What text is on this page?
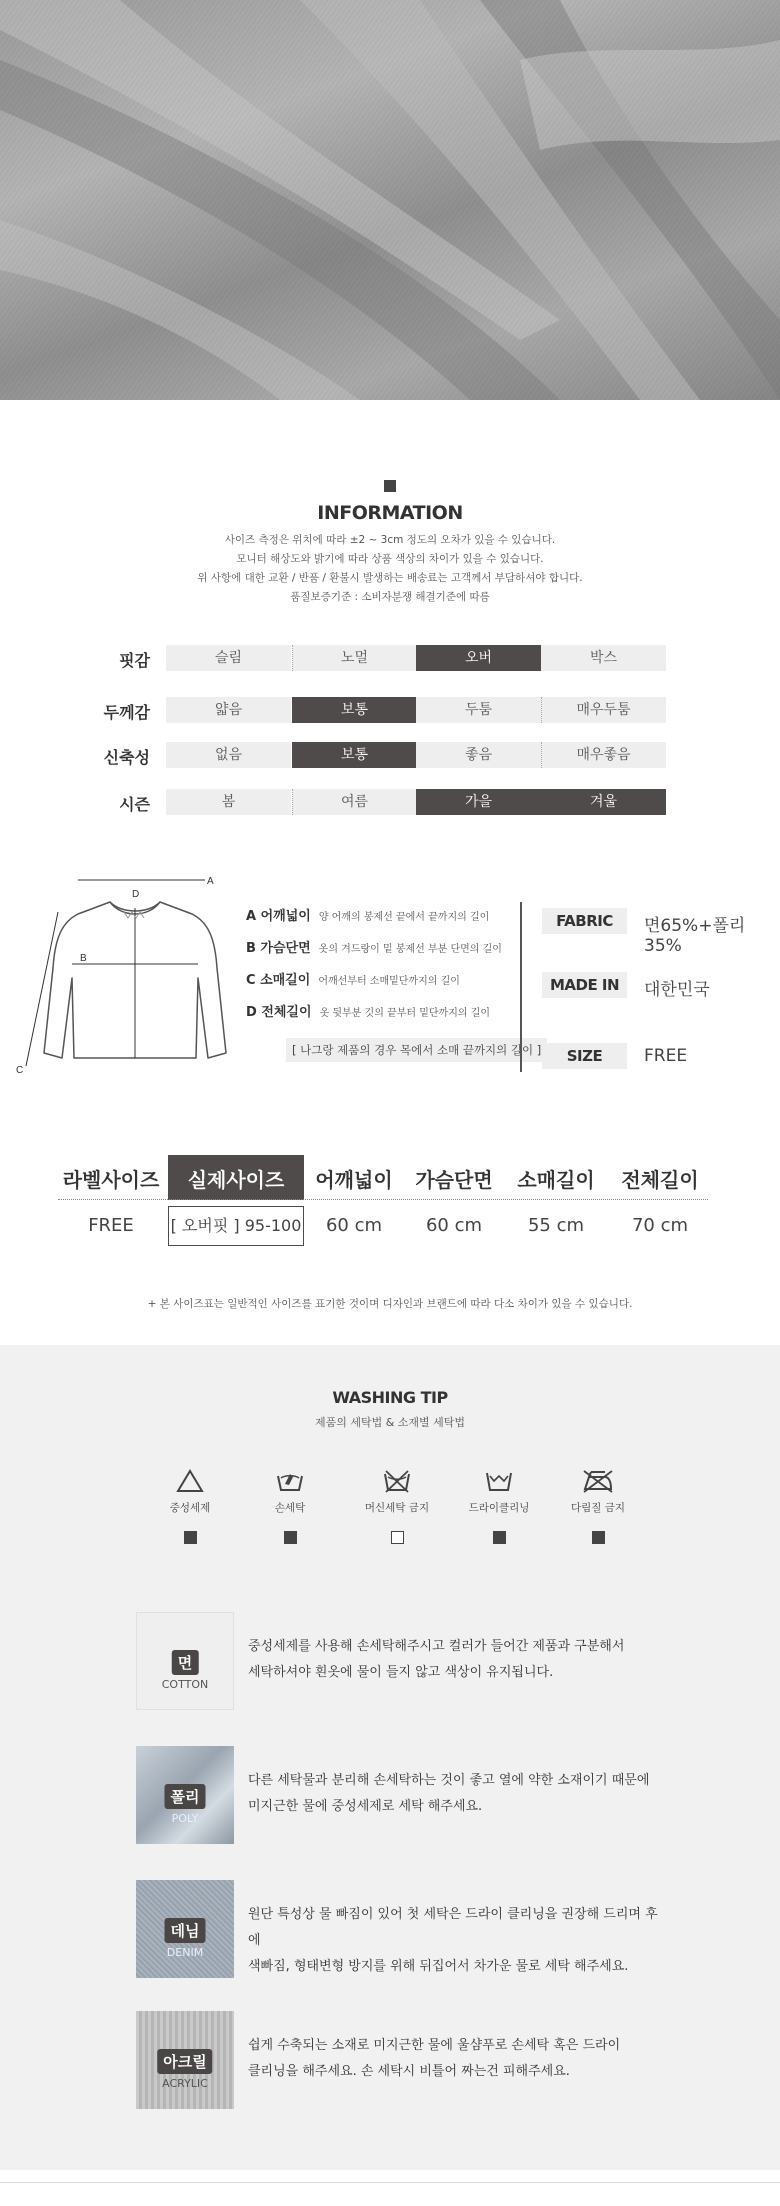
INFORMATION
사이즈 측정은 위치에 따라 ±2 ~ 3cm 정도의 오차가 있을 수 있습니다.
모니터 해상도와 밝기에 따라 상품 색상의 차이가 있을 수 있습니다.
위 사항에 대한 교환 / 반품 / 환불시 발생하는 배송료는 고객께서 부담하셔야 합니다.
품질보증기준 : 소비자분쟁 해결기준에 따름
핏감	슬림	노멀	오버	박스
두께감	얇음	보통	두툼	매우두툼
신축성	없음	보통	좋음	매우좋음
시즌	봄	여름	가을	겨울
A
D
B
C
A 어깨넓이 양 어깨의 봉제선 끝에서 끝까지의 길이
B 가슴단면 옷의 겨드랑이 밑 봉제선 부분 단면의 길이
C 소매길이 어깨선부터 소매밑단까지의 길이
D 전체길이 옷 뒷부분 깃의 끝부터 밑단까지의 길이
[ 나그랑 제품의 경우 목에서 소매 끝까지의 길이 ]
FABRIC	면65%+폴리35%
MADE IN	대한민국
SIZE	FREE
라벨사이즈	실제사이즈	어깨넓이	가슴단면	소매길이	전체길이
FREE	[ 오버핏 ] 95-100	60 cm	60 cm	55 cm	70 cm
+ 본 사이즈표는 일반적인 사이즈를 표기한 것이며 디자인과 브랜드에 따라 다소 차이가 있을 수 있습니다.
WASHING TIP
제품의 세탁법 & 소재별 세탁법
중성세제	손세탁	머신세탁 금지	드라이클리닝	다림질 금지
면
COTTON
중성세제를 사용해 손세탁해주시고 컬러가 들어간 제품과 구분해서
세탁하셔야 흰옷에 물이 들지 않고 색상이 유지됩니다.
폴리
POLY
다른 세탁물과 분리해 손세탁하는 것이 좋고 열에 약한 소재이기 때문에
미지근한 물에 중성세제로 세탁 해주세요.
데님
DENIM
원단 특성상 물 빠짐이 있어 첫 세탁은 드라이 클리닝을 권장해 드리며 후에
색빠짐, 형태변형 방지를 위해 뒤집어서 차가운 물로 세탁 해주세요.
아크릴
ACRYLIC
쉽게 수축되는 소재로 미지근한 물에 울샴푸로 손세탁 혹은 드라이
클리닝을 해주세요. 손 세탁시 비틀어 짜는건 피해주세요.
